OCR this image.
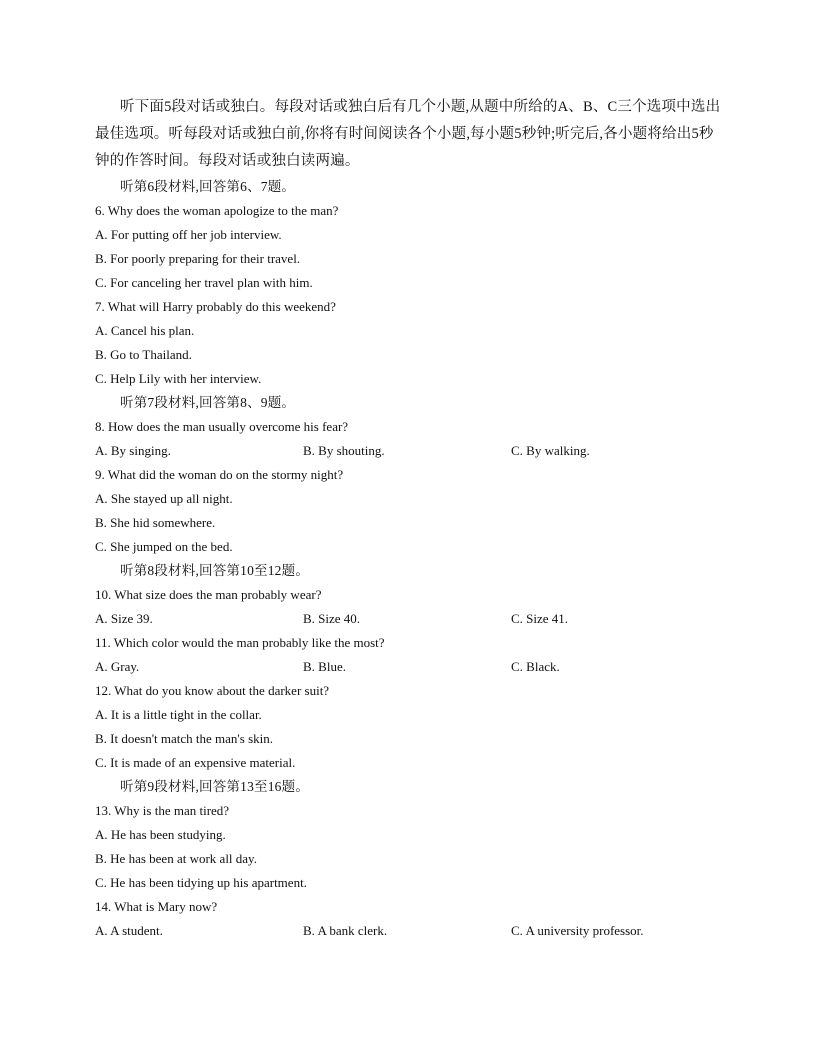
听下面5段对话或独白。每段对话或独白后有几个小题,从题中所给的A、B、C三个选项中选出最佳选项。听每段对话或独白前,你将有时间阅读各个小题,每小题5秒钟;听完后,各小题将给出5秒钟的作答时间。每段对话或独白读两遍。

听第6段材料,回答第6、7题。

6. Why does the woman apologize to the man?

A. For putting off her job interview.

B. For poorly preparing for their travel.

C. For canceling her travel plan with him.

7. What will Harry probably do this weekend?

A. Cancel his plan.

B. Go to Thailand.

C. Help Lily with her interview.

听第7段材料,回答第8、9题。

8. How does the man usually overcome his fear?

A. By singing.	B. By shouting.	C. By walking.

9. What did the woman do on the stormy night?

A. She stayed up all night.

B. She hid somewhere.

C. She jumped on the bed.

听第8段材料,回答第10至12题。

10. What size does the man probably wear?

A. Size 39.	B. Size 40.	C. Size 41.

11. Which color would the man probably like the most?

A. Gray.	B. Blue.	C. Black.

12. What do you know about the darker suit?

A. It is a little tight in the collar.

B. It doesn't match the man's skin.

C. It is made of an expensive material.

听第9段材料,回答第13至16题。

13. Why is the man tired?

A. He has been studying.

B. He has been at work all day.

C. He has been tidying up his apartment.

14. What is Mary now?

A. A student.	B. A bank clerk.	C. A university professor.
